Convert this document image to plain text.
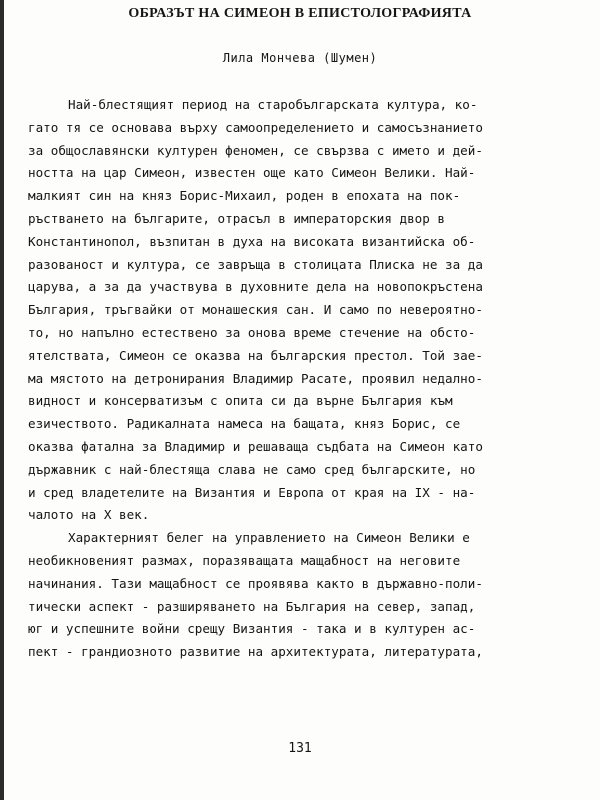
ОБРАЗЪТ НА СИМЕОН В ЕПИСТОЛОГРАФИЯТА
Лила Мончева (Шумен)
Най-блестящият период на старобългарската култура, ко-
гато тя се основава върху самоопределението и самосъзнанието
за общославянски културен феномен, се свързва с името и дей-
ността на цар Симеон, известен още като Симеон Велики. Най-
малкият син на княз Борис-Михаил, роден в епохата на пок-
ръстването на българите, отрасъл в императорския двор в
Константинопол, възпитан в духа на високата византийска об-
разованост и култура, се завръща в столицата Плиска не за да
царува, а за да участвува в духовните дела на новопокръстена
България, тръгвайки от монашеския сан. И само по невероятно-
то, но напълно естествено за онова време стечение на обсто-
ятелствата, Симеон се оказва на българския престол. Той зае-
ма мястото на детронирания Владимир Расате, проявил недално-
видност и консерватизъм с опита си да върне България към
езичеството. Радикалната намеса на бащата, княз Борис, се
оказва фатална за Владимир и решаваща съдбата на Симеон като
държавник с най-блестяща слава не само сред българските, но
и сред владетелите на Византия и Европа от края на IX - на-
чалото на X век.
Характерният белег на управлението на Симеон Велики е
необикновеният размах, поразяващата мащабност на неговите
начинания. Тази мащабност се проявява както в държавно-поли-
тически аспект - разширяването на България на север, запад,
юг и успешните войни срещу Византия - така и в културен ас-
пект - грандиозното развитие на архитектурата, литературата,
131
